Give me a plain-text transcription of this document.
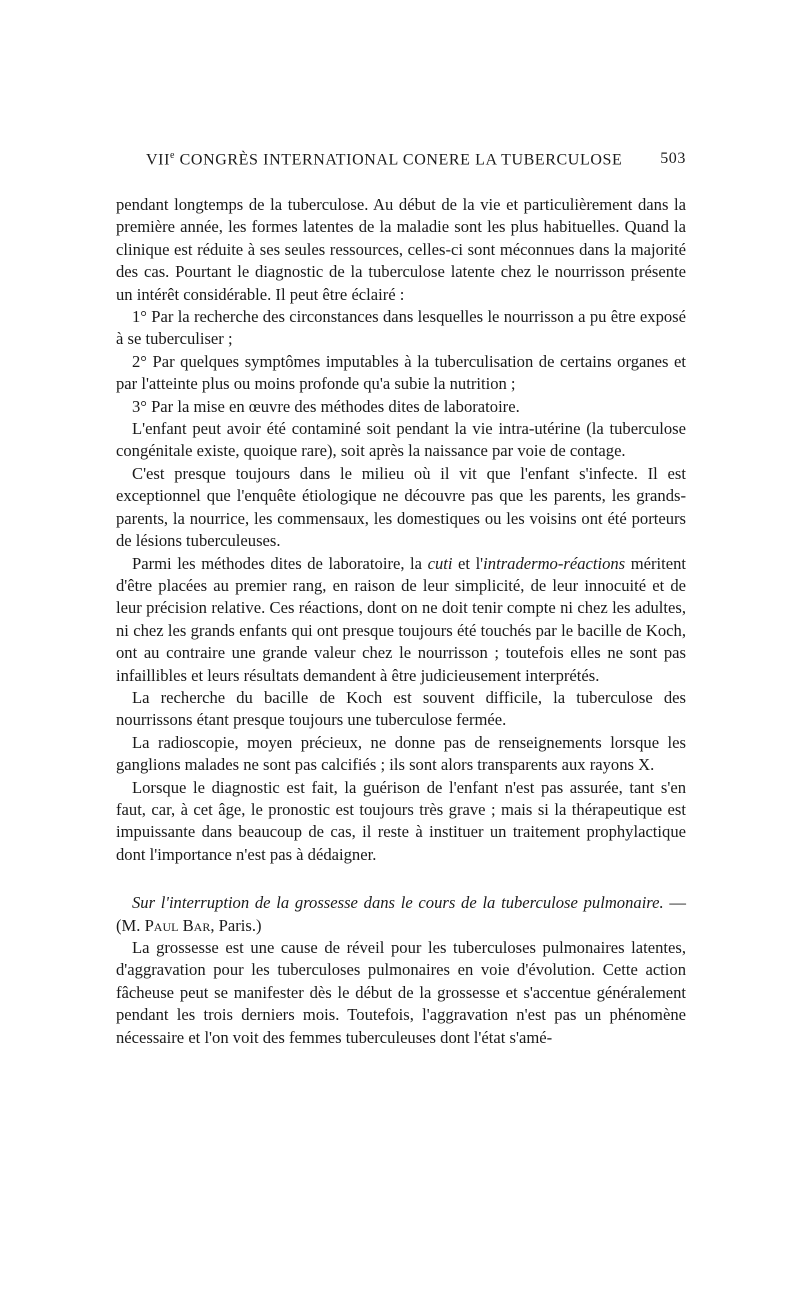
VIIe CONGRÈS INTERNATIONAL CONERE LA TUBERCULOSE 503

pendant longtemps de la tuberculose. Au début de la vie et particulièrement dans la première année, les formes latentes de la maladie sont les plus habituelles. Quand la clinique est réduite à ses seules ressources, celles-ci sont méconnues dans la majorité des cas. Pourtant le diagnostic de la tuberculose latente chez le nourrisson présente un intérêt considérable. Il peut être éclairé :

1° Par la recherche des circonstances dans lesquelles le nourrisson a pu être exposé à se tuberculiser ;

2° Par quelques symptômes imputables à la tuberculisation de certains organes et par l'atteinte plus ou moins profonde qu'a subie la nutrition ;

3° Par la mise en œuvre des méthodes dites de laboratoire.

L'enfant peut avoir été contaminé soit pendant la vie intra-utérine (la tuberculose congénitale existe, quoique rare), soit après la naissance par voie de contage.

C'est presque toujours dans le milieu où il vit que l'enfant s'infecte. Il est exceptionnel que l'enquête étiologique ne découvre pas que les parents, les grands-parents, la nourrice, les commensaux, les domestiques ou les voisins ont été porteurs de lésions tuberculeuses.

Parmi les méthodes dites de laboratoire, la cuti et l'intradermo-réactions méritent d'être placées au premier rang, en raison de leur simplicité, de leur innocuité et de leur précision relative. Ces réactions, dont on ne doit tenir compte ni chez les adultes, ni chez les grands enfants qui ont presque toujours été touchés par le bacille de Koch, ont au contraire une grande valeur chez le nourrisson ; toutefois elles ne sont pas infaillibles et leurs résultats demandent à être judicieusement interprétés.

La recherche du bacille de Koch est souvent difficile, la tuberculose des nourrissons étant presque toujours une tuberculose fermée.

La radioscopie, moyen précieux, ne donne pas de renseignements lorsque les ganglions malades ne sont pas calcifiés ; ils sont alors transparents aux rayons X.

Lorsque le diagnostic est fait, la guérison de l'enfant n'est pas assurée, tant s'en faut, car, à cet âge, le pronostic est toujours très grave ; mais si la thérapeutique est impuissante dans beaucoup de cas, il reste à instituer un traitement prophylactique dont l'importance n'est pas à dédaigner.

Sur l'interruption de la grossesse dans le cours de la tuberculose pulmonaire. — (M. Paul Bar, Paris.)

La grossesse est une cause de réveil pour les tuberculoses pulmonaires latentes, d'aggravation pour les tuberculoses pulmonaires en voie d'évolution. Cette action fâcheuse peut se manifester dès le début de la grossesse et s'accentue généralement pendant les trois derniers mois. Toutefois, l'aggravation n'est pas un phénomène nécessaire et l'on voit des femmes tuberculeuses dont l'état s'amé-
